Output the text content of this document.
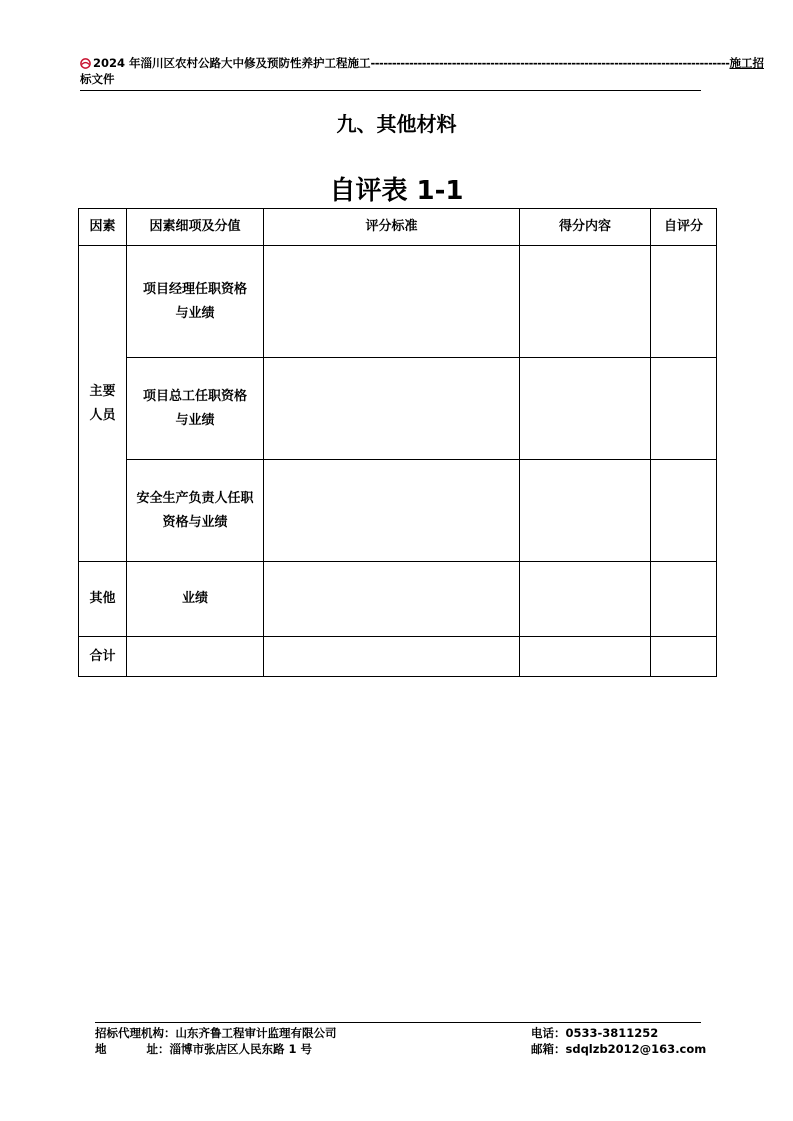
2024 年淄川区农村公路大中修及预防性养护工程施工 ------------------------------------------------------------------------------------ 施工招
标文件
九、其他材料
自评表 1-1
因素	因素细项及分值	评分标准	得分内容	自评分
主要人员	项目经理任职资格与业绩			
	项目总工任职资格与业绩			
	安全生产负责人任职资格与业绩			
其他	业绩			
合计				
招标代理机构：山东齐鲁工程审计监理有限公司	电话：0533-3811252
地          址：淄博市张店区人民东路 1 号	邮箱：sdqlzb2012@163.com
